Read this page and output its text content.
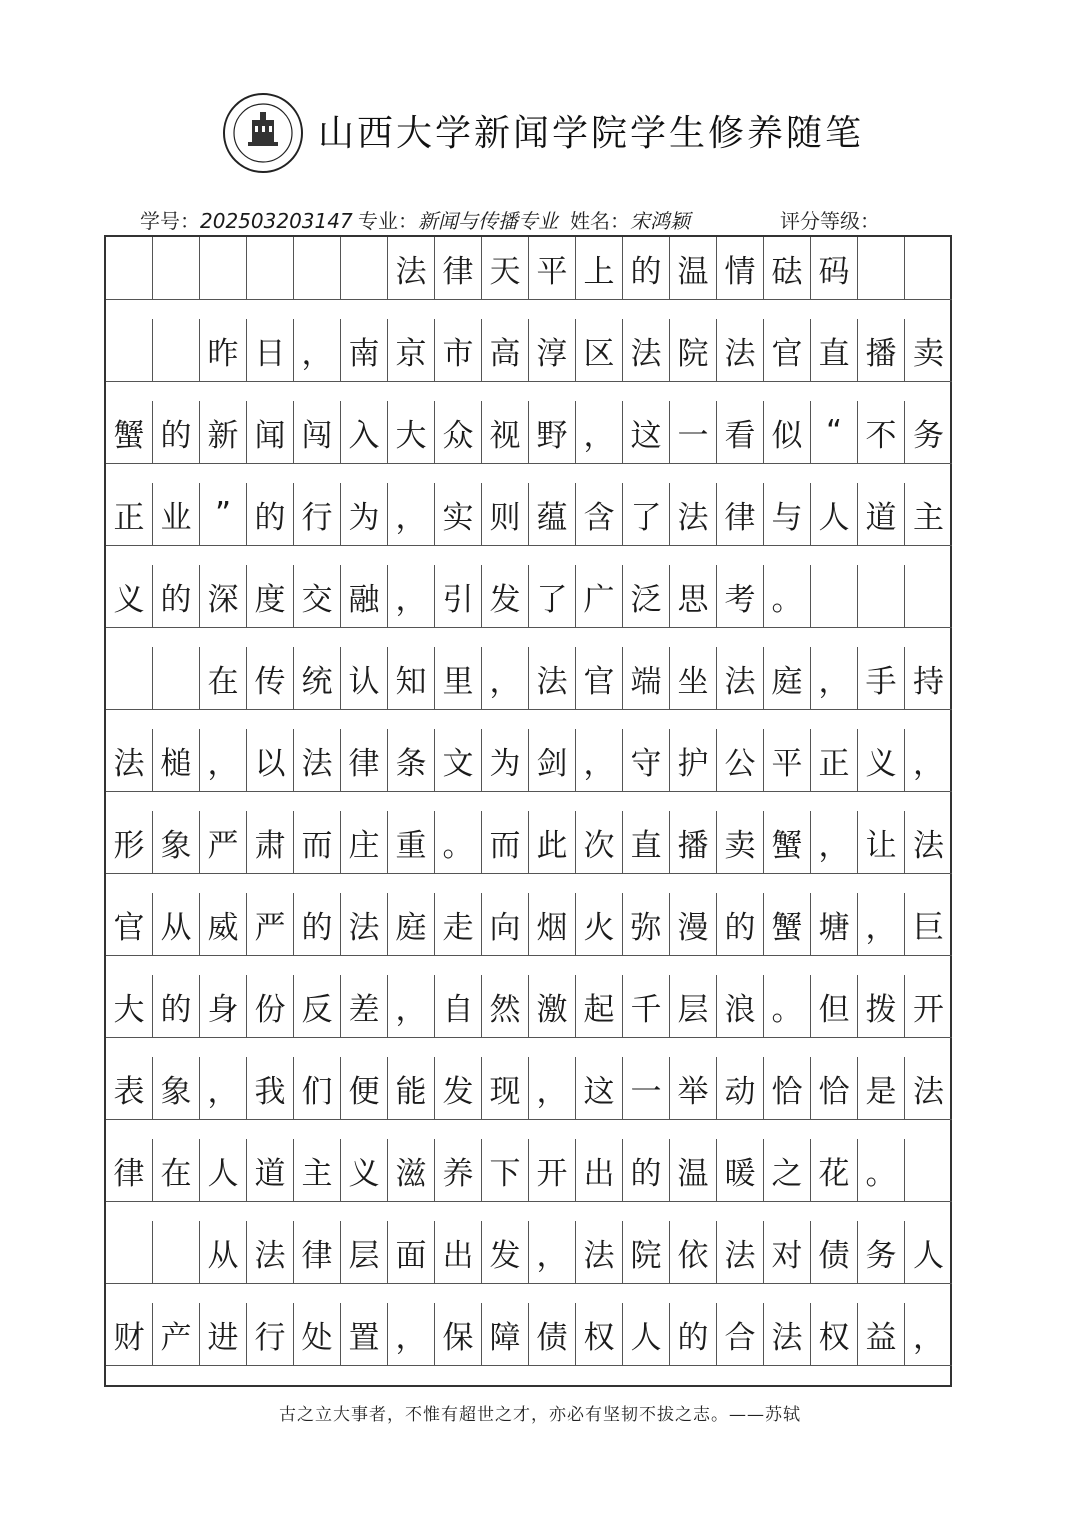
山西大学新闻学院学生修养随笔
学号：202503203147 专业：新闻与传播专业 姓名：宋鸿颖	评分等级：
法 律 天 平 上 的 温 情 砝 码
昨 日 ， 南 京 市 高 淳 区 法 院 法 官 直 播 卖
蟹 的 新 闻 闯 入 大 众 视 野 ， 这 一 看 似 “ 不 务
正 业 ” 的 行 为 ， 实 则 蕴 含 了 法 律 与 人 道 主
义 的 深 度 交 融 ， 引 发 了 广 泛 思 考 。
在 传 统 认 知 里 ， 法 官 端 坐 法 庭 ， 手 持
法 槌 ， 以 法 律 条 文 为 剑 ， 守 护 公 平 正 义 ，
形 象 严 肃 而 庄 重 。 而 此 次 直 播 卖 蟹 ， 让 法
官 从 威 严 的 法 庭 走 向 烟 火 弥 漫 的 蟹 塘 ， 巨
大 的 身 份 反 差 ， 自 然 激 起 千 层 浪 。 但 拨 开
表 象 ， 我 们 便 能 发 现 ， 这 一 举 动 恰 恰 是 法
律 在 人 道 主 义 滋 养 下 开 出 的 温 暖 之 花 。
从 法 律 层 面 出 发 ， 法 院 依 法 对 债 务 人
财 产 进 行 处 置 ， 保 障 债 权 人 的 合 法 权 益 ，
古之立大事者，不惟有超世之才，亦必有坚韧不拔之志。——苏轼
